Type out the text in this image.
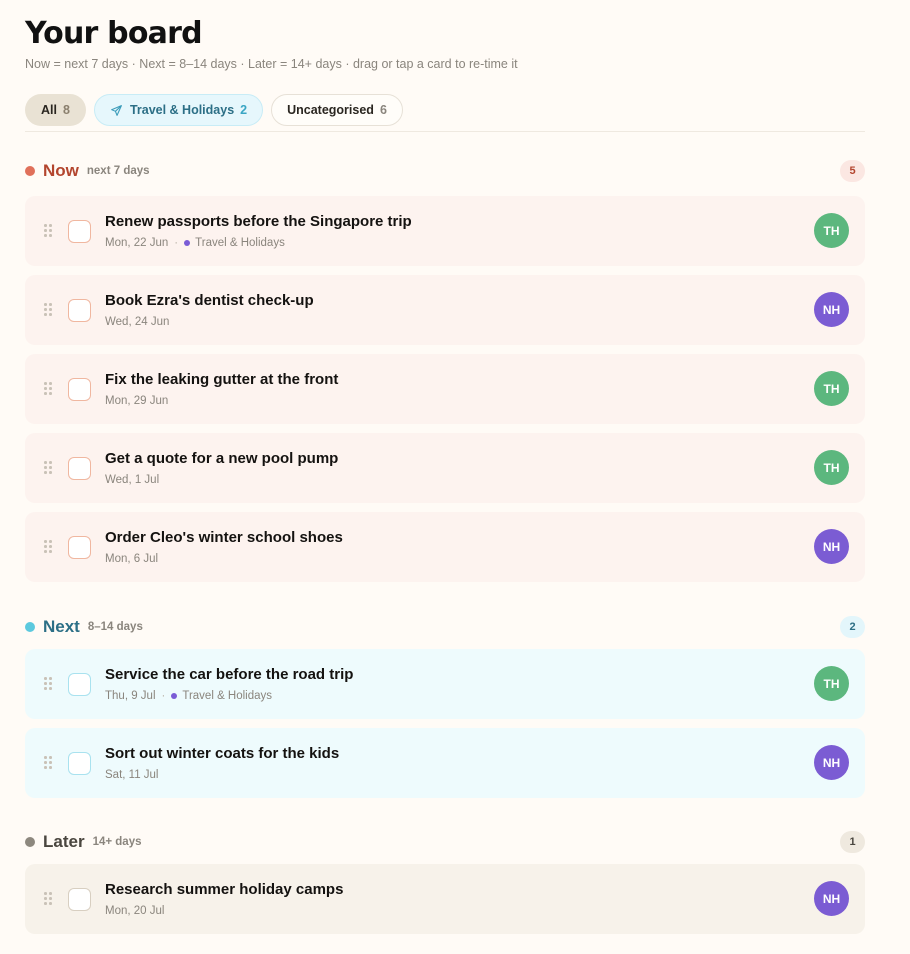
Your board
Now = next 7 days · Next = 8–14 days · Later = 14+ days · drag or tap a card to re-time it
All 8	Travel & Holidays 2	Uncategorised 6
Now next 7 days	5
Renew passports before the Singapore trip
Mon, 22 Jun · Travel & Holidays
TH
Book Ezra's dentist check-up
Wed, 24 Jun
NH
Fix the leaking gutter at the front
Mon, 29 Jun
TH
Get a quote for a new pool pump
Wed, 1 Jul
TH
Order Cleo's winter school shoes
Mon, 6 Jul
NH
Next 8–14 days	2
Service the car before the road trip
Thu, 9 Jul · Travel & Holidays
TH
Sort out winter coats for the kids
Sat, 11 Jul
NH
Later 14+ days	1
Research summer holiday camps
Mon, 20 Jul
NH
